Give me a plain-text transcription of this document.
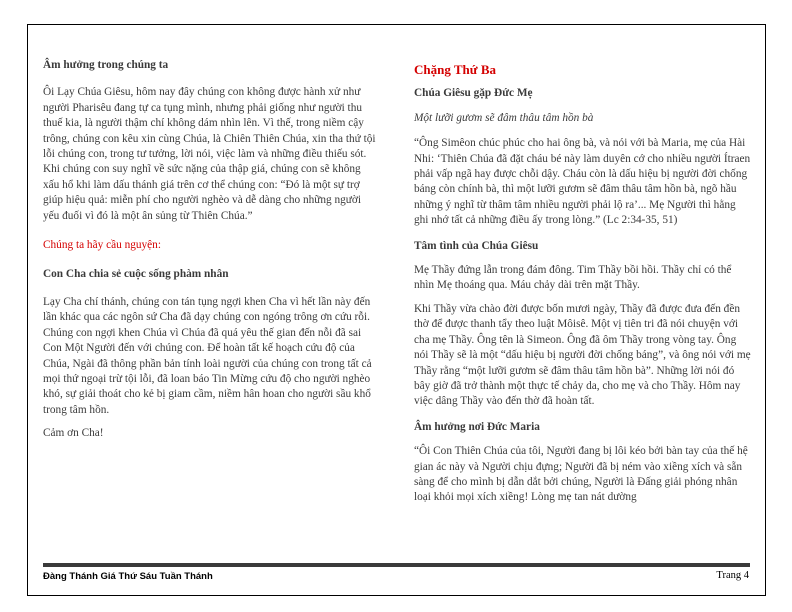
Âm hưởng trong chúng ta

Ôi Lạy Chúa Giêsu, hôm nay đây chúng con không được hành xử như người Pharisêu đang tự ca tụng mình, nhưng phải giống như người thu thuế kia, là người thậm chí không dám nhìn lên. Vì thế, trong niềm cậy trông, chúng con kêu xin cùng Chúa, là Chiên Thiên Chúa, xin tha thứ tội lỗi chúng con, trong tư tưởng, lời nói, việc làm và những điều thiếu sót. Khi chúng con suy nghĩ về sức nặng của thập giá, chúng con sẽ không xấu hổ khi làm dấu thánh giá trên cơ thể chúng con: “Đó là một sự trợ giúp hiệu quả: miễn phí cho người nghèo và dễ dàng cho những người yếu đuối vì đó là một ân sủng từ Thiên Chúa.”

Chúng ta hãy cầu nguyện:

Con Cha chia sẻ cuộc sống phàm nhân

Lạy Cha chí thánh, chúng con tán tụng ngợi khen Cha vì hết lần này đến lần khác qua các ngôn sứ Cha đã dạy chúng con ngóng trông ơn cứu rỗi. Chúng con ngợi khen Chúa vì Chúa đã quá yêu thế gian đến nỗi đã sai Con Một Người đến với chúng con. Để hoàn tất kế hoạch cứu độ của Chúa, Ngài đã thông phần bản tính loài người của chúng con trong tất cả mọi thứ ngoại trừ tội lỗi, đã loan báo Tin Mừng cứu độ cho người nghèo khó, sự giải thoát cho kẻ bị giam cầm, niềm hân hoan cho người sầu khổ trong tâm hồn.

Cảm ơn Cha!

Chặng Thứ Ba
Chúa Giêsu gặp Đức Mẹ

Một lưỡi gươm sẽ đâm thâu tâm hồn bà

“Ông Simêon chúc phúc cho hai ông bà, và nói với bà Maria, mẹ của Hài Nhi: ‘Thiên Chúa đã đặt cháu bé này làm duyên cớ cho nhiều người Ítraen phải vấp ngã hay được chỗi dậy. Cháu còn là dấu hiệu bị người đời chống báng còn chính bà, thì một lưỡi gươm sẽ đâm thâu tâm hồn bà, ngõ hầu những ý nghĩ từ thâm tâm nhiều người phải lộ ra’... Mẹ Người thì hằng ghi nhớ tất cả những điều ấy trong lòng.” (Lc 2:34-35, 51)

Tâm tình của Chúa Giêsu

Mẹ Thầy đứng lẫn trong đám đông. Tim Thầy bồi hồi. Thầy chỉ có thể nhìn Mẹ thoáng qua. Máu chảy dài trên mặt Thầy.

Khi Thầy vừa chào đời được bốn mươi ngày, Thầy đã được đưa đến đền thờ để được thanh tẩy theo luật Môisê. Một vị tiên tri đã nói chuyện với cha mẹ Thầy. Ông tên là Simeon. Ông đã ôm Thầy trong vòng tay. Ông nói Thầy sẽ là một “dấu hiệu bị người đời chống báng”, và ông nói với mẹ Thầy rằng “một lưỡi gươm sẽ đâm thâu tâm hồn bà”. Những lời nói đó bây giờ đã trở thành một thực tế chảy da, cho mẹ và cho Thầy. Hôm nay việc dâng Thầy vào đến thờ đã hoàn tất.

Âm hưởng nơi Đức Maria

“Ôi Con Thiên Chúa của tôi, Người đang bị lôi kéo bởi bàn tay của thế hệ gian ác này và Người chịu đựng; Người đã bị ném vào xiềng xích và sẵn sàng để cho mình bị dẫn dắt bởi chúng, Người là Đấng giải phóng nhân loại khỏi mọi xích xiềng! Lòng mẹ tan nát dường

Đàng Thánh Giá Thứ Sáu Tuần Thánh	Trang 4
